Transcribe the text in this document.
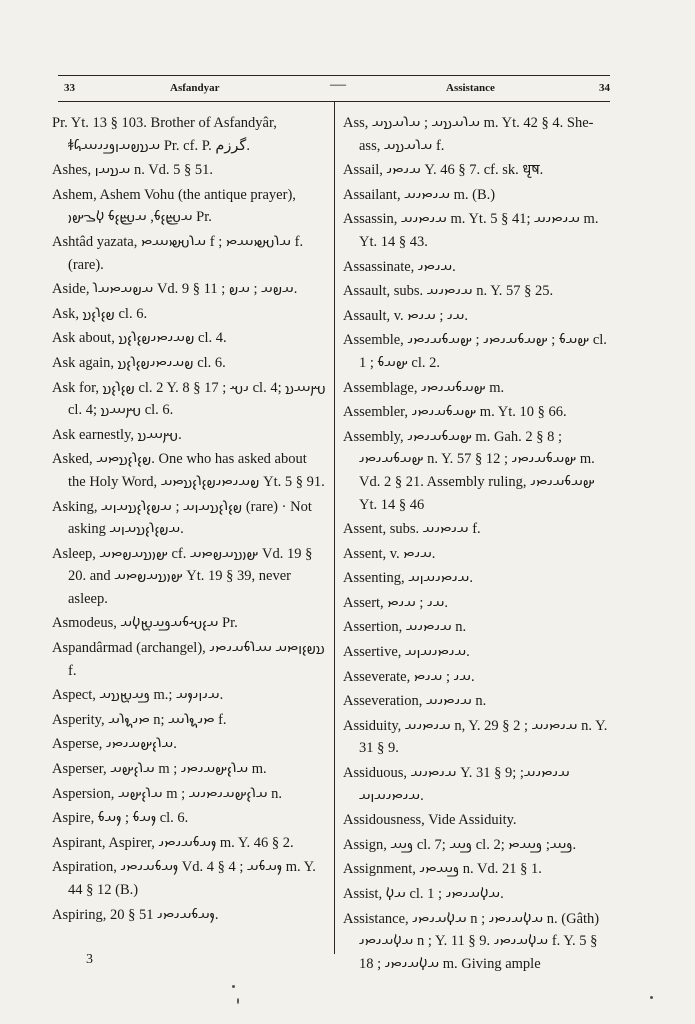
33	Asfandyar	—	Assistance	34
Pr. Yt. 13 § 103. Brother of Asfandyâr, ꬸ𐬀𐬯𐬞𐬀𐬥𐬛𐬌𐬌𐬁𐬜 Pr. cf. P. گرزم.
Ashes, 𐬀𐬯𐬀𐬥 n. Vd. 5 § 51.
Ashem, Ashem Vohu (the antique prayer), 𐬀𐬴𐬆𐬨, 𐬀𐬴𐬆𐬨 𐬬𐬊𐬵𐬎 Pr.
Ashtâd yazata, 𐬀𐬭𐬱𐬙𐬁𐬙 f ; 𐬀𐬭𐬱𐬙𐬁𐬙 f. (rare).
Aside, 𐬀𐬞𐬀𐬙𐬀𐬭 Vd. 9 § 11 ; 𐬀𐬞𐬀 ; 𐬀𐬞.
Ask, 𐬞𐬆𐬭𐬆𐬯 cl. 6.
Ask about, 𐬞𐬀𐬌𐬙𐬌𐬞𐬆𐬭𐬆𐬯 cl. 4.
Ask again, 𐬞𐬀𐬌𐬙𐬌𐬞𐬆𐬭𐬆𐬯 cl. 6.
Ask for, 𐬞𐬆𐬭𐬆𐬯 cl. 2 Y. 8 § 17 ; 𐬌𐬱 cl. 4; 𐬫𐬁𐬯 cl. 4; 𐬫𐬁𐬯 cl. 6.
Ask earnestly, 𐬫𐬁𐬯.
Asked, 𐬞𐬆𐬭𐬆𐬯𐬙𐬀. One who has asked about the Holy Word, 𐬞𐬀𐬌𐬙𐬌𐬞𐬆𐬭𐬆𐬯𐬙𐬀 Yt. 5 § 91.
Asking, 𐬞𐬆𐬭𐬆𐬯𐬀𐬥𐬀 ; 𐬀𐬞𐬆𐬭𐬆𐬯𐬀𐬥𐬀 (rare) · Not asking 𐬀𐬞𐬆𐬭𐬆𐬯𐬀𐬥𐬀.
Asleep, 𐬵𐬎𐬯𐬀𐬞𐬙𐬀 cf. 𐬵𐬎𐬯𐬀𐬞𐬙𐬀 Vd. 19 § 20. and 𐬵𐬎𐬯𐬀𐬞𐬙𐬀 Yt. 19 § 39, never asleep.
Asmodeus, 𐬀𐬆𐬱𐬨𐬀𐬛𐬀𐬉𐬬𐬀 Pr.
Aspandârmad (archangel), 𐬯𐬞𐬆𐬥𐬙𐬀 𐬁𐬭𐬨𐬀𐬌𐬙𐬌 f.
Aspect, 𐬛𐬀𐬉𐬯𐬀 m.; 𐬀𐬌𐬥𐬌𐬐𐬀.
Asperity, 𐬙𐬌𐬖𐬭𐬀 n; 𐬙𐬌𐬖𐬭𐬁 f.
Asperse, 𐬀𐬭𐬆𐬵𐬀𐬌𐬙𐬌.
Asperser, 𐬀𐬭𐬆𐬵𐬀 m ; 𐬀𐬭𐬆𐬵𐬀𐬌𐬙𐬌 m.
Aspersion, 𐬀𐬭𐬆𐬵𐬀 m ; 𐬀𐬭𐬆𐬵𐬀𐬌𐬙𐬌𐬀 n.
Aspire, 𐬐𐬀𐬨 ; 𐬐𐬀𐬨 cl. 6.
Aspirant, Aspirer, 𐬐𐬀𐬨𐬀𐬌𐬙𐬌 m. Y. 46 § 2.
Aspiration, 𐬐𐬀𐬨𐬀𐬌𐬙𐬌 Vd. 4 § 4 ; 𐬐𐬀𐬨𐬀 m. Y. 44 § 12 (B.)
Aspiring, 𐬐𐬀𐬨𐬀𐬌𐬙𐬌 51 § 20.
Ass, 𐬀𐬭𐬀𐬯𐬀 ; 𐬀𐬭𐬀𐬯𐬀 m. Yt. 42 § 4. She-ass, 𐬀𐬭𐬀𐬯𐬀 f.
Assail, 𐬀𐬌𐬙𐬌 Y. 46 § 7. cf. sk. धृष.
Assailant, 𐬀𐬌𐬙𐬌𐬀 m. (B.)
Assassin, 𐬀𐬌𐬙𐬌𐬀 m. Yt. 5 § 41; 𐬀𐬌𐬙𐬌𐬀 m. Yt. 14 § 43.
Assassinate, 𐬀𐬌𐬙𐬌.
Assault, subs. 𐬀𐬌𐬙𐬌𐬀 n. Y. 57 § 25.
Assault, v. 𐬀𐬌 ; 𐬀𐬌𐬙.
Assemble, 𐬵𐬀𐬨 ; 𐬵𐬀𐬨𐬀𐬌𐬙𐬌 ; 𐬵𐬀𐬨𐬀𐬌𐬙𐬌 cl. 1 ; 𐬵𐬀𐬨 cl. 2.
Assemblage, 𐬵𐬀𐬨𐬀𐬌𐬙𐬌 m.
Assembler, 𐬵𐬀𐬨𐬀𐬌𐬙𐬌 m. Yt. 10 § 66.
Assembly, 𐬵𐬀𐬨𐬀𐬌𐬙𐬌 m. Gah. 2 § 8 ; 𐬵𐬀𐬨𐬀𐬌𐬙𐬌 n. Y. 57 § 12 ; 𐬵𐬀𐬨𐬀𐬌𐬙𐬌 m. Vd. 2 § 21. Assembly ruling, 𐬵𐬀𐬨𐬀𐬌𐬙𐬌 Yt. 14 § 46
Assent, subs. 𐬀𐬌𐬙𐬌𐬀 f.
Assent, v. 𐬀𐬌𐬙.
Assenting, 𐬀𐬌𐬙𐬌𐬀𐬥𐬀.
Assert, 𐬀𐬌 ; 𐬀𐬌𐬙.
Assertion, 𐬀𐬌𐬙𐬌𐬀 n.
Assertive, 𐬀𐬌𐬙𐬌𐬀𐬥𐬀.
Asseverate, 𐬀𐬌 ; 𐬀𐬌𐬙.
Asseveration, 𐬀𐬌𐬙𐬌𐬀 n.
Assiduity, 𐬀𐬌𐬙𐬌𐬀 n, Y. 29 § 2 ; 𐬀𐬌𐬙𐬌𐬀 n. Y. 31 § 9.
Assiduous, 𐬀𐬌𐬙𐬌𐬀 Y. 31 § 9; 𐬀𐬌𐬙𐬌𐬀; 𐬀𐬌𐬙𐬌𐬀𐬥𐬀.
Assidousness, Vide Assiduity.
Assign, 𐬛𐬁 cl. 7; 𐬛𐬁 cl. 2; 𐬛𐬁; 𐬛𐬁𐬙.
Assignment, 𐬛𐬁𐬙𐬌 n. Vd. 21 § 1.
Assist, 𐬀𐬬 cl. 1 ; 𐬀𐬬𐬀𐬌𐬙𐬌.
Assistance, 𐬀𐬬𐬀𐬌𐬙𐬌 n ; 𐬀𐬬𐬀𐬌𐬙𐬌 n. (Gâth) 𐬀𐬬𐬀𐬌𐬙𐬌 n ; Y. 11 § 9. 𐬀𐬬𐬀𐬌𐬙𐬌 f. Y. 5 § 18 ; 𐬀𐬬𐬀𐬌𐬙𐬌 m. Giving ample
3
